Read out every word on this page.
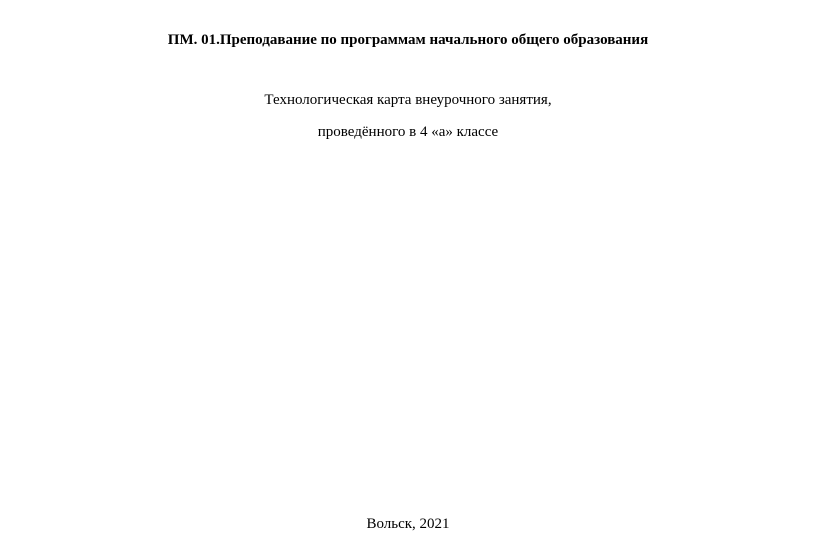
ПМ. 01.Преподавание по программам начального общего образования
Технологическая карта внеурочного занятия,
проведённого в 4 «а» классе
Вольск, 2021
